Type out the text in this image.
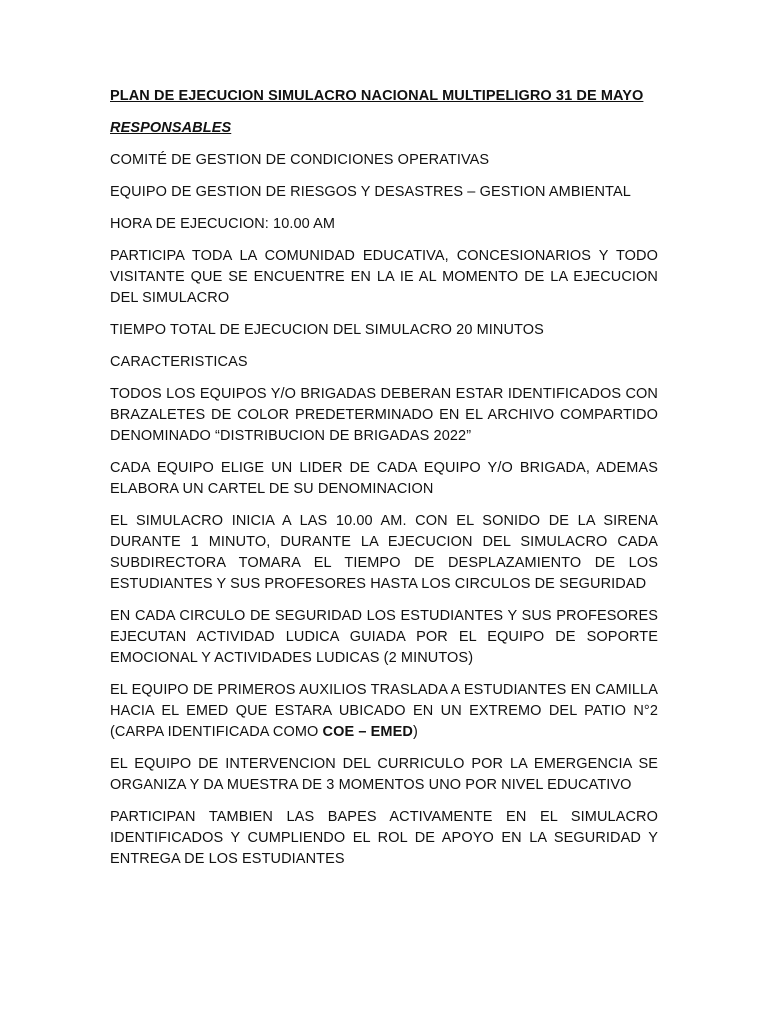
PLAN DE EJECUCION SIMULACRO NACIONAL MULTIPELIGRO 31 DE MAYO

RESPONSABLES

COMITÉ DE GESTION DE CONDICIONES OPERATIVAS

EQUIPO DE GESTION DE RIESGOS Y DESASTRES – GESTION AMBIENTAL

HORA DE EJECUCION: 10.00 AM

PARTICIPA TODA LA COMUNIDAD EDUCATIVA, CONCESIONARIOS Y TODO VISITANTE QUE SE ENCUENTRE EN LA IE AL MOMENTO DE LA EJECUCION DEL SIMULACRO

TIEMPO TOTAL DE EJECUCION DEL SIMULACRO 20 MINUTOS

CARACTERISTICAS

TODOS LOS EQUIPOS Y/O BRIGADAS DEBERAN ESTAR IDENTIFICADOS CON BRAZALETES DE COLOR PREDETERMINADO EN EL ARCHIVO COMPARTIDO DENOMINADO “DISTRIBUCION DE BRIGADAS 2022”

CADA EQUIPO ELIGE UN LIDER DE CADA EQUIPO Y/O BRIGADA, ADEMAS ELABORA UN CARTEL DE SU DENOMINACION

EL SIMULACRO INICIA A LAS 10.00 AM. CON EL SONIDO DE LA SIRENA DURANTE 1 MINUTO, DURANTE LA EJECUCION DEL SIMULACRO CADA SUBDIRECTORA TOMARA EL TIEMPO DE DESPLAZAMIENTO DE LOS ESTUDIANTES Y SUS PROFESORES HASTA LOS CIRCULOS DE SEGURIDAD

EN CADA CIRCULO DE SEGURIDAD LOS ESTUDIANTES Y SUS PROFESORES EJECUTAN ACTIVIDAD LUDICA GUIADA POR EL EQUIPO DE SOPORTE EMOCIONAL Y ACTIVIDADES LUDICAS (2 MINUTOS)

EL EQUIPO DE PRIMEROS AUXILIOS TRASLADA A ESTUDIANTES EN CAMILLA HACIA EL EMED QUE ESTARA UBICADO EN UN EXTREMO DEL PATIO N°2 (CARPA IDENTIFICADA COMO COE – EMED)

EL EQUIPO DE INTERVENCION DEL CURRICULO POR LA EMERGENCIA SE ORGANIZA Y DA MUESTRA DE 3 MOMENTOS UNO POR NIVEL EDUCATIVO

PARTICIPAN TAMBIEN LAS BAPES ACTIVAMENTE EN EL SIMULACRO IDENTIFICADOS Y CUMPLIENDO EL ROL DE APOYO EN LA SEGURIDAD Y ENTREGA DE LOS ESTUDIANTES
